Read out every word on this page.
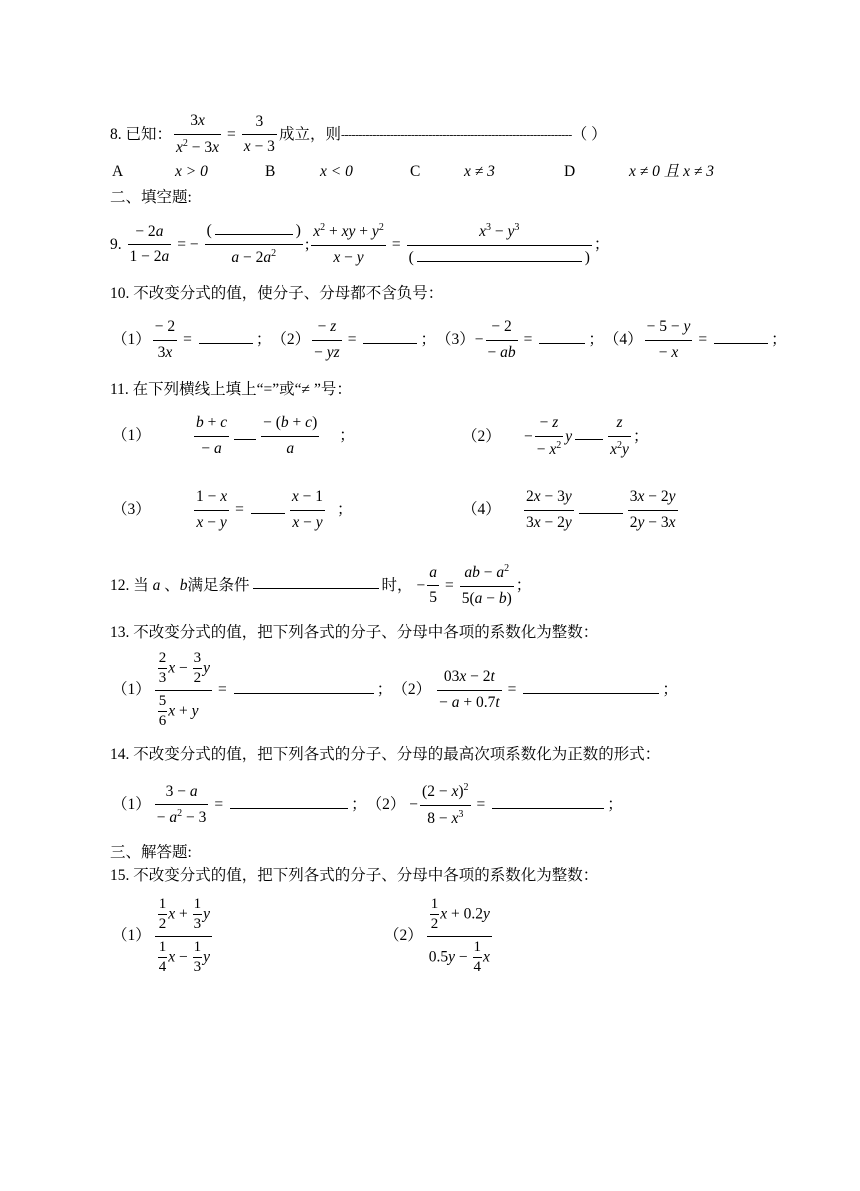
8. 已知： $\frac{3x}{x^2 - 3x} = \frac{3}{x - 3}$ 成立，则------------------------------------------------------------------（ ）
A	x > 0	B	x < 0	C	x ≠ 3	D	x ≠ 0 且 x ≠ 3
二、填空题:
9. $\frac{- 2a}{1 - 2a}$ = − (	)
$a - 2a^2$ ; $\frac{x^2 + xy + y^2}{x - y} = x^3 - y^3$
(	) ；
10. 不改变分式的值，使分子、分母都不含负号：
$(1) \frac{- 2}{3x}$ =	；$(2) \frac{- z}{- yz}$ =	；$(3)- \frac{- 2}{- ab}$ =	；$(4) \frac{- 5 - y}{- x}$ =	；
11. 在下列横线上填上“=”或“≠ ”号：
（1）	$\frac{b + c}{- a} \frac{- (b + c)}{a}$ ；	$(2) - \frac{- z}{- x^2}$ y $\frac{z}{x^2y}$ ；
（3）	$\frac{1 - x}{x - y}$ =	$\frac{x - 1}{x - y}$ ；	$(4) \frac{2x - 3y}{3x - 2y}$	$\frac{3x - 2y}{2y - 3x}$
12. 当 a 、b满足条件	时， − $\frac{a}{5} = \frac{ab - a^2}{5(a - b)}$ ；
13. 不改变分式的值，把下列各式的分子、分母中各项的系数化为整数：
$(1) \frac{\frac{2}{3} x - \frac{3}{2} y}{\frac{5}{6} x + y}$ =	；$(2) \frac{03x - 2t}{- a + 0.7t}$ =	；
14. 不改变分式的值，把下列各式的分子、分母的最高次项系数化为正数的形式：
$(1) \frac{3 - a}{- a^2 - 3}$ =	；$(2) - \frac{(2 - x)^2}{8 - x^3}$ =	；
三、解答题:
15. 不改变分式的值，把下列各式的分子、分母中各项的系数化为整数：
$(1) \frac{\frac{1}{2} x + \frac{1}{3} y}{\frac{1}{4} x - \frac{1}{3} y}$	$(2) \frac{\frac{1}{2} x + 0.2y}{0.5y - \frac{1}{4} x}$
